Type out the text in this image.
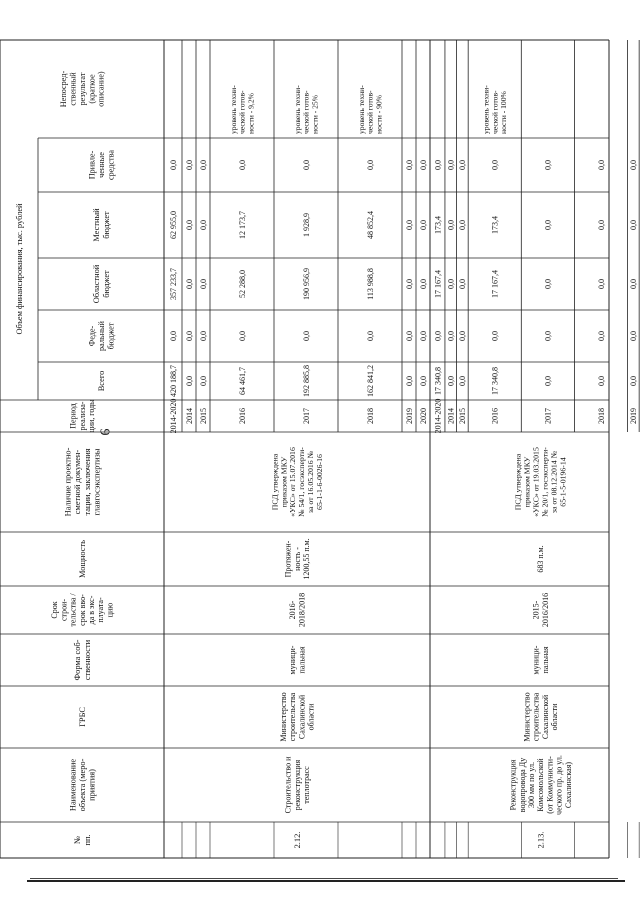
9
№пп.
Наименованиеобъекта (меро-приятия)
ГРБС
Форма соб-ственности
Срокстрои-тельства /срок вво-да в экс-плуата-цию
Мощность
Наличие проектно-сметной докумен-тации, заключенияглавгосэкспертизы
Периодреализа-ции, годы
Объем финансирования, тыс. рублей
Всего
Феде-ральныйбюджет
Областнойбюджет
Местныйбюджет
Привле-ченныесредства
Непосред-ственныйрезультат(краткоеописание)
2014-2020
420 188,7
0,0
357 233,7
62 955,0
0,0
2014
0,0
0,0
0,0
0,0
0,0
2015
0,0
0,0
0,0
0,0
0,0
2016
64 461,7
0,0
52 288,0
12 173,7
0,0
уровень техни-ческой готов-ности - 9,2%
2017
192 885,8
0,0
190 956,9
1 928,9
0,0
уровень техни-ческой готов-ности - 25%
2018
162 841,2
0,0
113 988,8
48 852,4
0,0
уровень техни-ческой готов-ности - 90%
2019
0,0
0,0
0,0
0,0
0,0
2020
0,0
0,0
0,0
0,0
0,0
2.12.
Строительство иреконструкциятеплотрасс
МинистерствостроительстваСахалинскойобласти
муници-пальная
2016-2018/2018
Протяжен-ность -1200,55 п.м.
ПСД утвержденаприказом МКУ«УКС» от 15.07.2016№ 54/1, госэксперти-за от 16.05.2016 №65-1-1-6-0026-16
2014-2020
17 340,8
0,0
17 167,4
173,4
0,0
2014
0,0
0,0
0,0
0,0
0,0
2015
0,0
0,0
0,0
0,0
0,0
2016
17 340,8
0,0
17 167,4
173,4
0,0
уровень техни-ческой готов-ности - 100%
2017
0,0
0,0
0,0
0,0
0,0
2018
0,0
0,0
0,0
0,0
0,0
2019
0,0
0,0
0,0
0,0
0,0
2.13.
Реконструкцияводопровода Ду300 мм по ул.Комсомольской(от Коммунисти-ческого пр. до ул.Сахалинская)
МинистерствостроительстваСахалинскойобласти
муници-пальная
2015-2016/2016
683 п.м.
ПСД утвержденаприказом МКУ«УКС» от 19.03.2015№ 20/1, госэксперти-за от 08.12.2014 №65-1-5-0196-14
